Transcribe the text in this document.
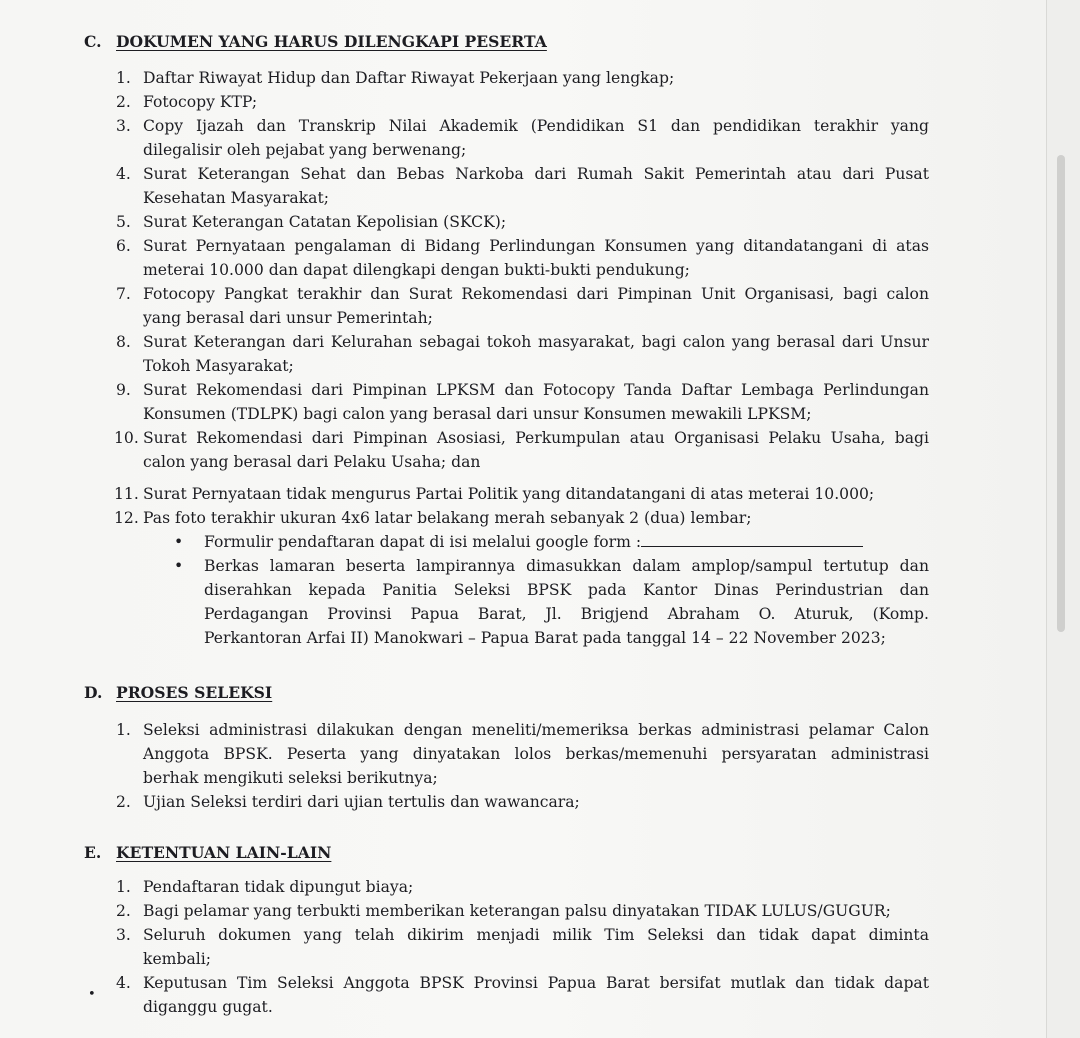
C. DOKUMEN YANG HARUS DILENGKAPI PESERTA
D. PROSES SELEKSI
E. KETENTUAN LAIN-LAIN
1. Daftar Riwayat Hidup dan Daftar Riwayat Pekerjaan yang lengkap;
2. Fotocopy KTP;
3. Copy Ijazah dan Transkrip Nilai Akademik (Pendidikan S1 dan pendidikan terakhir yang
dilegalisir oleh pejabat yang berwenang;
4. Surat Keterangan Sehat dan Bebas Narkoba dari Rumah Sakit Pemerintah atau dari Pusat
Kesehatan Masyarakat;
5. Surat Keterangan Catatan Kepolisian (SKCK);
6. Surat Pernyataan pengalaman di Bidang Perlindungan Konsumen yang ditandatangani di atas
meterai 10.000 dan dapat dilengkapi dengan bukti-bukti pendukung;
7. Fotocopy Pangkat terakhir dan Surat Rekomendasi dari Pimpinan Unit Organisasi, bagi calon
yang berasal dari unsur Pemerintah;
8. Surat Keterangan dari Kelurahan sebagai tokoh masyarakat, bagi calon yang berasal dari Unsur
Tokoh Masyarakat;
9. Surat Rekomendasi dari Pimpinan LPKSM dan Fotocopy Tanda Daftar Lembaga Perlindungan
Konsumen (TDLPK) bagi calon yang berasal dari unsur Konsumen mewakili LPKSM;
10. Surat Rekomendasi dari Pimpinan Asosiasi, Perkumpulan atau Organisasi Pelaku Usaha, bagi
calon yang berasal dari Pelaku Usaha; dan
11. Surat Pernyataan tidak mengurus Partai Politik yang ditandatangani di atas meterai 10.000;
12. Pas foto terakhir ukuran 4x6 latar belakang merah sebanyak 2 (dua) lembar;
1. Seleksi administrasi dilakukan dengan meneliti/memeriksa berkas administrasi pelamar Calon
Anggota BPSK. Peserta yang dinyatakan lolos berkas/memenuhi persyaratan administrasi
berhak mengikuti seleksi berikutnya;
2. Ujian Seleksi terdiri dari ujian tertulis dan wawancara;
1. Pendaftaran tidak dipungut biaya;
2. Bagi pelamar yang terbukti memberikan keterangan palsu dinyatakan TIDAK LULUS/GUGUR;
3. Seluruh dokumen yang telah dikirim menjadi milik Tim Seleksi dan tidak dapat diminta
kembali;
4. Keputusan Tim Seleksi Anggota BPSK Provinsi Papua Barat bersifat mutlak dan tidak dapat
diganggu gugat.
• Formulir pendaftaran dapat di isi melalui google form :
• Berkas lamaran beserta lampirannya dimasukkan dalam amplop/sampul tertutup dan
diserahkan kepada Panitia Seleksi BPSK pada Kantor Dinas Perindustrian dan
Perdagangan Provinsi Papua Barat, Jl. Brigjend Abraham O. Aturuk, (Komp.
Perkantoran Arfai II) Manokwari – Papua Barat pada tanggal 14 – 22 November 2023;
•
